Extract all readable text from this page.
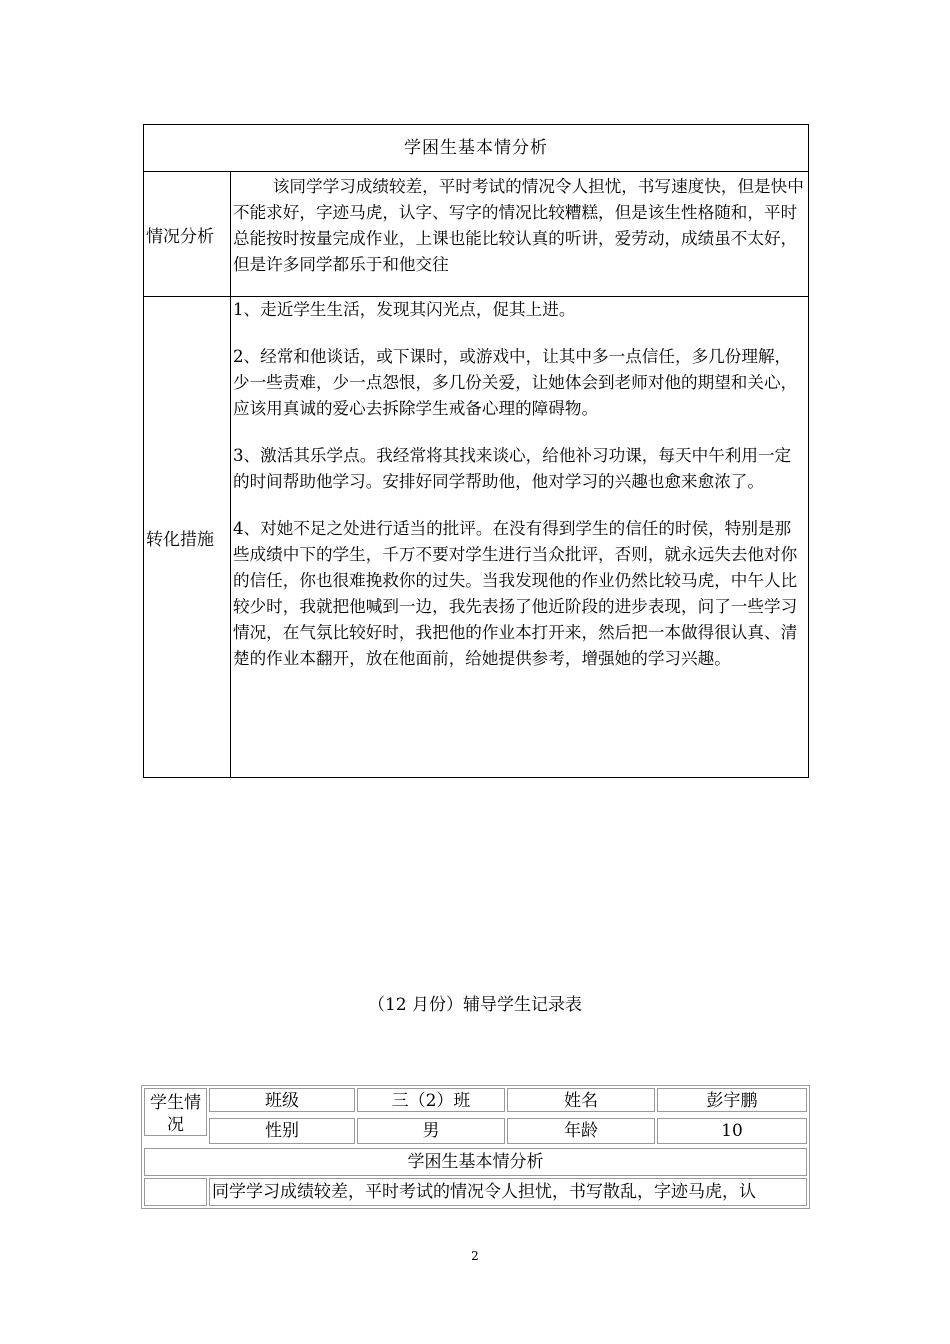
学困生基本情分析
情况分析

该同学学习成绩较差，平时考试的情况令人担忧，书写速度快，但是快中不能求好，字迹马虎，认字、写字的情况比较糟糕，但是该生性格随和，平时总能按时按量完成作业，上课也能比较认真的听讲，爱劳动，成绩虽不太好，但是许多同学都乐于和他交往

转化措施

1、走近学生生活，发现其闪光点，促其上进。

2、经常和他谈话，或下课时，或游戏中，让其中多一点信任，多几份理解，少一些责难，少一点怨恨，多几份关爱，让她体会到老师对他的期望和关心，应该用真诚的爱心去拆除学生戒备心理的障碍物。

3、激活其乐学点。我经常将其找来谈心，给他补习功课，每天中午利用一定的时间帮助他学习。安排好同学帮助他，他对学习的兴趣也愈来愈浓了。

4、对她不足之处进行适当的批评。在没有得到学生的信任的时侯，特别是那些成绩中下的学生，千万不要对学生进行当众批评，否则，就永远失去他对你的信任，你也很难挽救你的过失。当我发现他的作业仍然比较马虎，中午人比较少时，我就把他喊到一边，我先表扬了他近阶段的进步表现，问了一些学习情况，在气氛比较好时，我把他的作业本打开来，然后把一本做得很认真、清楚的作业本翻开，放在他面前，给她提供参考，增强她的学习兴趣。

（12 月份）辅导学生记录表
学生情况
班级	三（2）班	姓名	彭宇鹏
性别	男	年龄	10
学困生基本情分析
同学学习成绩较差，平时考试的情况令人担忧，书写散乱，字迹马虎，认
2
